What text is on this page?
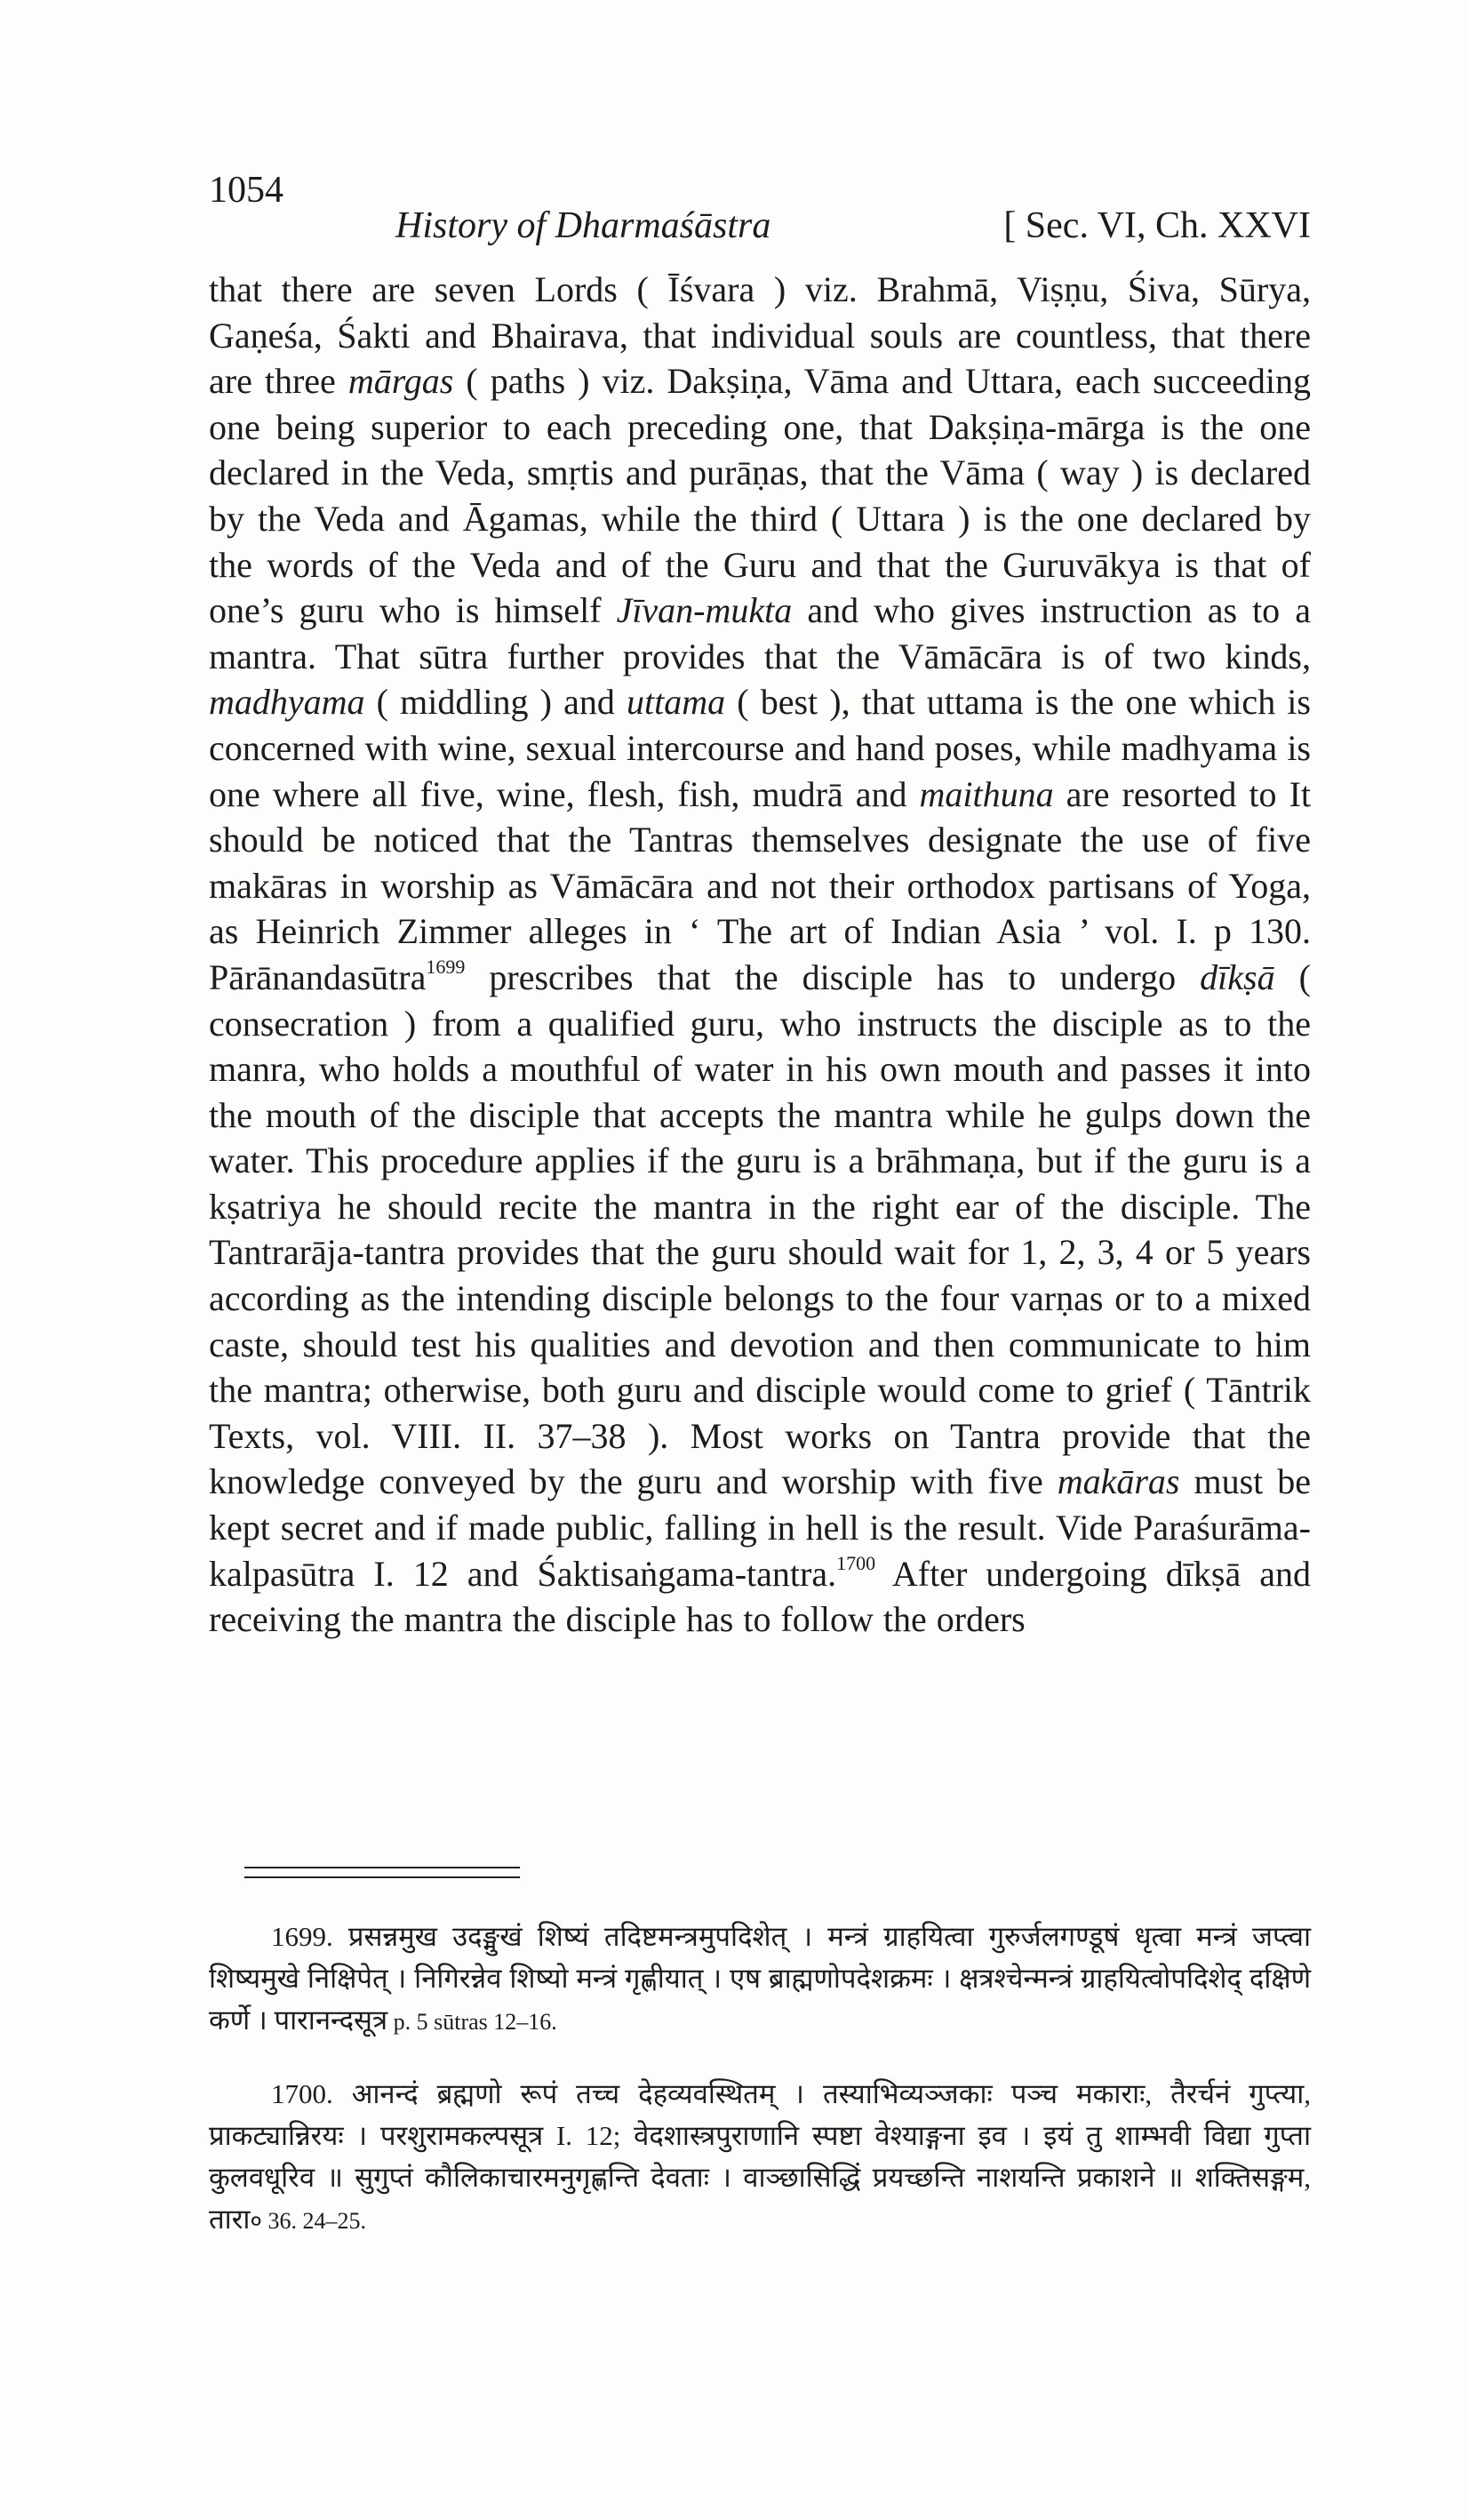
1054
History of Dharmaśāstra	[ Sec. VI, Ch. XXVI
that there are seven Lords ( Īśvara ) viz. Brahmā, Viṣṇu, Śiva, Sūrya, Gaṇeśa, Śakti and Bhairava, that individual souls are countless, that there are three mārgas ( paths ) viz. Dakṣiṇa, Vāma and Uttara, each succeeding one being superior to each preceding one, that Dakṣiṇa-mārga is the one declared in the Veda, smṛtis and purāṇas, that the Vāma ( way ) is declared by the Veda and Āgamas, while the third ( Uttara ) is the one declared by the words of the Veda and of the Guru and that the Guruvākya is that of one’s guru who is himself Jīvan-mukta and who gives instruction as to a mantra. That sūtra further provides that the Vāmācāra is of two kinds, madhyama ( middling ) and uttama ( best ), that uttama is the one which is concerned with wine, sexual intercourse and hand poses, while madhyama is one where all five, wine, flesh, fish, mudrā and maithuna are resorted to It should be noticed that the Tantras themselves designate the use of five makāras in worship as Vāmācāra and not their orthodox partisans of Yoga, as Heinrich Zimmer alleges in ‘ The art of Indian Asia ’ vol. I. p 130. Pārānandasūtra$^{1699}$ prescribes that the disciple has to undergo dīkṣā ( consecration ) from a qualified guru, who instructs the disciple as to the manra, who holds a mouthful of water in his own mouth and passes it into the mouth of the disciple that accepts the mantra while he gulps down the water. This procedure applies if the guru is a brāhmaṇa, but if the guru is a kṣatriya he should recite the mantra in the right ear of the disciple. The Tantrarāja-tantra provides that the guru should wait for 1, 2, 3, 4 or 5 years according as the intending disciple belongs to the four varṇas or to a mixed caste, should test his qualities and devotion and then communicate to him the mantra; otherwise, both guru and disciple would come to grief ( Tāntrik Texts, vol. VIII. II. 37–38 ). Most works on Tantra provide that the knowledge conveyed by the guru and worship with five makāras must be kept secret and if made public, falling in hell is the result. Vide Paraśurāma-kalpasūtra I. 12 and Śaktisaṅgama-tantra.$^{1700}$ After undergoing dīkṣā and receiving the mantra the disciple has to follow the orders

1699. प्रसन्नमुख उदङ्मुखं शिष्यं तदिष्टमन्त्रमुपदिशेत् । मन्त्रं ग्राहयित्वा गुरुर्जलगण्डूषं धृत्वा मन्त्रं जप्त्वा शिष्यमुखे निक्षिपेत् । निगिरन्नेव शिष्यो मन्त्रं गृह्णीयात् । एष ब्राह्मणोपदेशक्रमः । क्षत्रश्चेन्मन्त्रं ग्राहयित्वोपदिशेद् दक्षिणे कर्णे । पारानन्दसूत्र p. 5 sūtras 12–16.

1700. आनन्दं ब्रह्मणो रूपं तच्च देहव्यवस्थितम् । तस्याभिव्यञ्जकाः पञ्च मकाराः, तैरर्चनं गुप्त्या, प्राकट्यान्निरयः । परशुरामकल्पसूत्र I. 12; वेदशास्त्रपुराणानि स्पष्टा वेश्याङ्गना इव । इयं तु शाम्भवी विद्या गुप्ता कुलवधूरिव ॥ सुगुप्तं कौलिकाचारमनुगृह्णन्ति देवताः । वाञ्छासिद्धिं प्रयच्छन्ति नाशयन्ति प्रकाशने ॥ शक्तिसङ्गम, तारा० 36. 24–25.
